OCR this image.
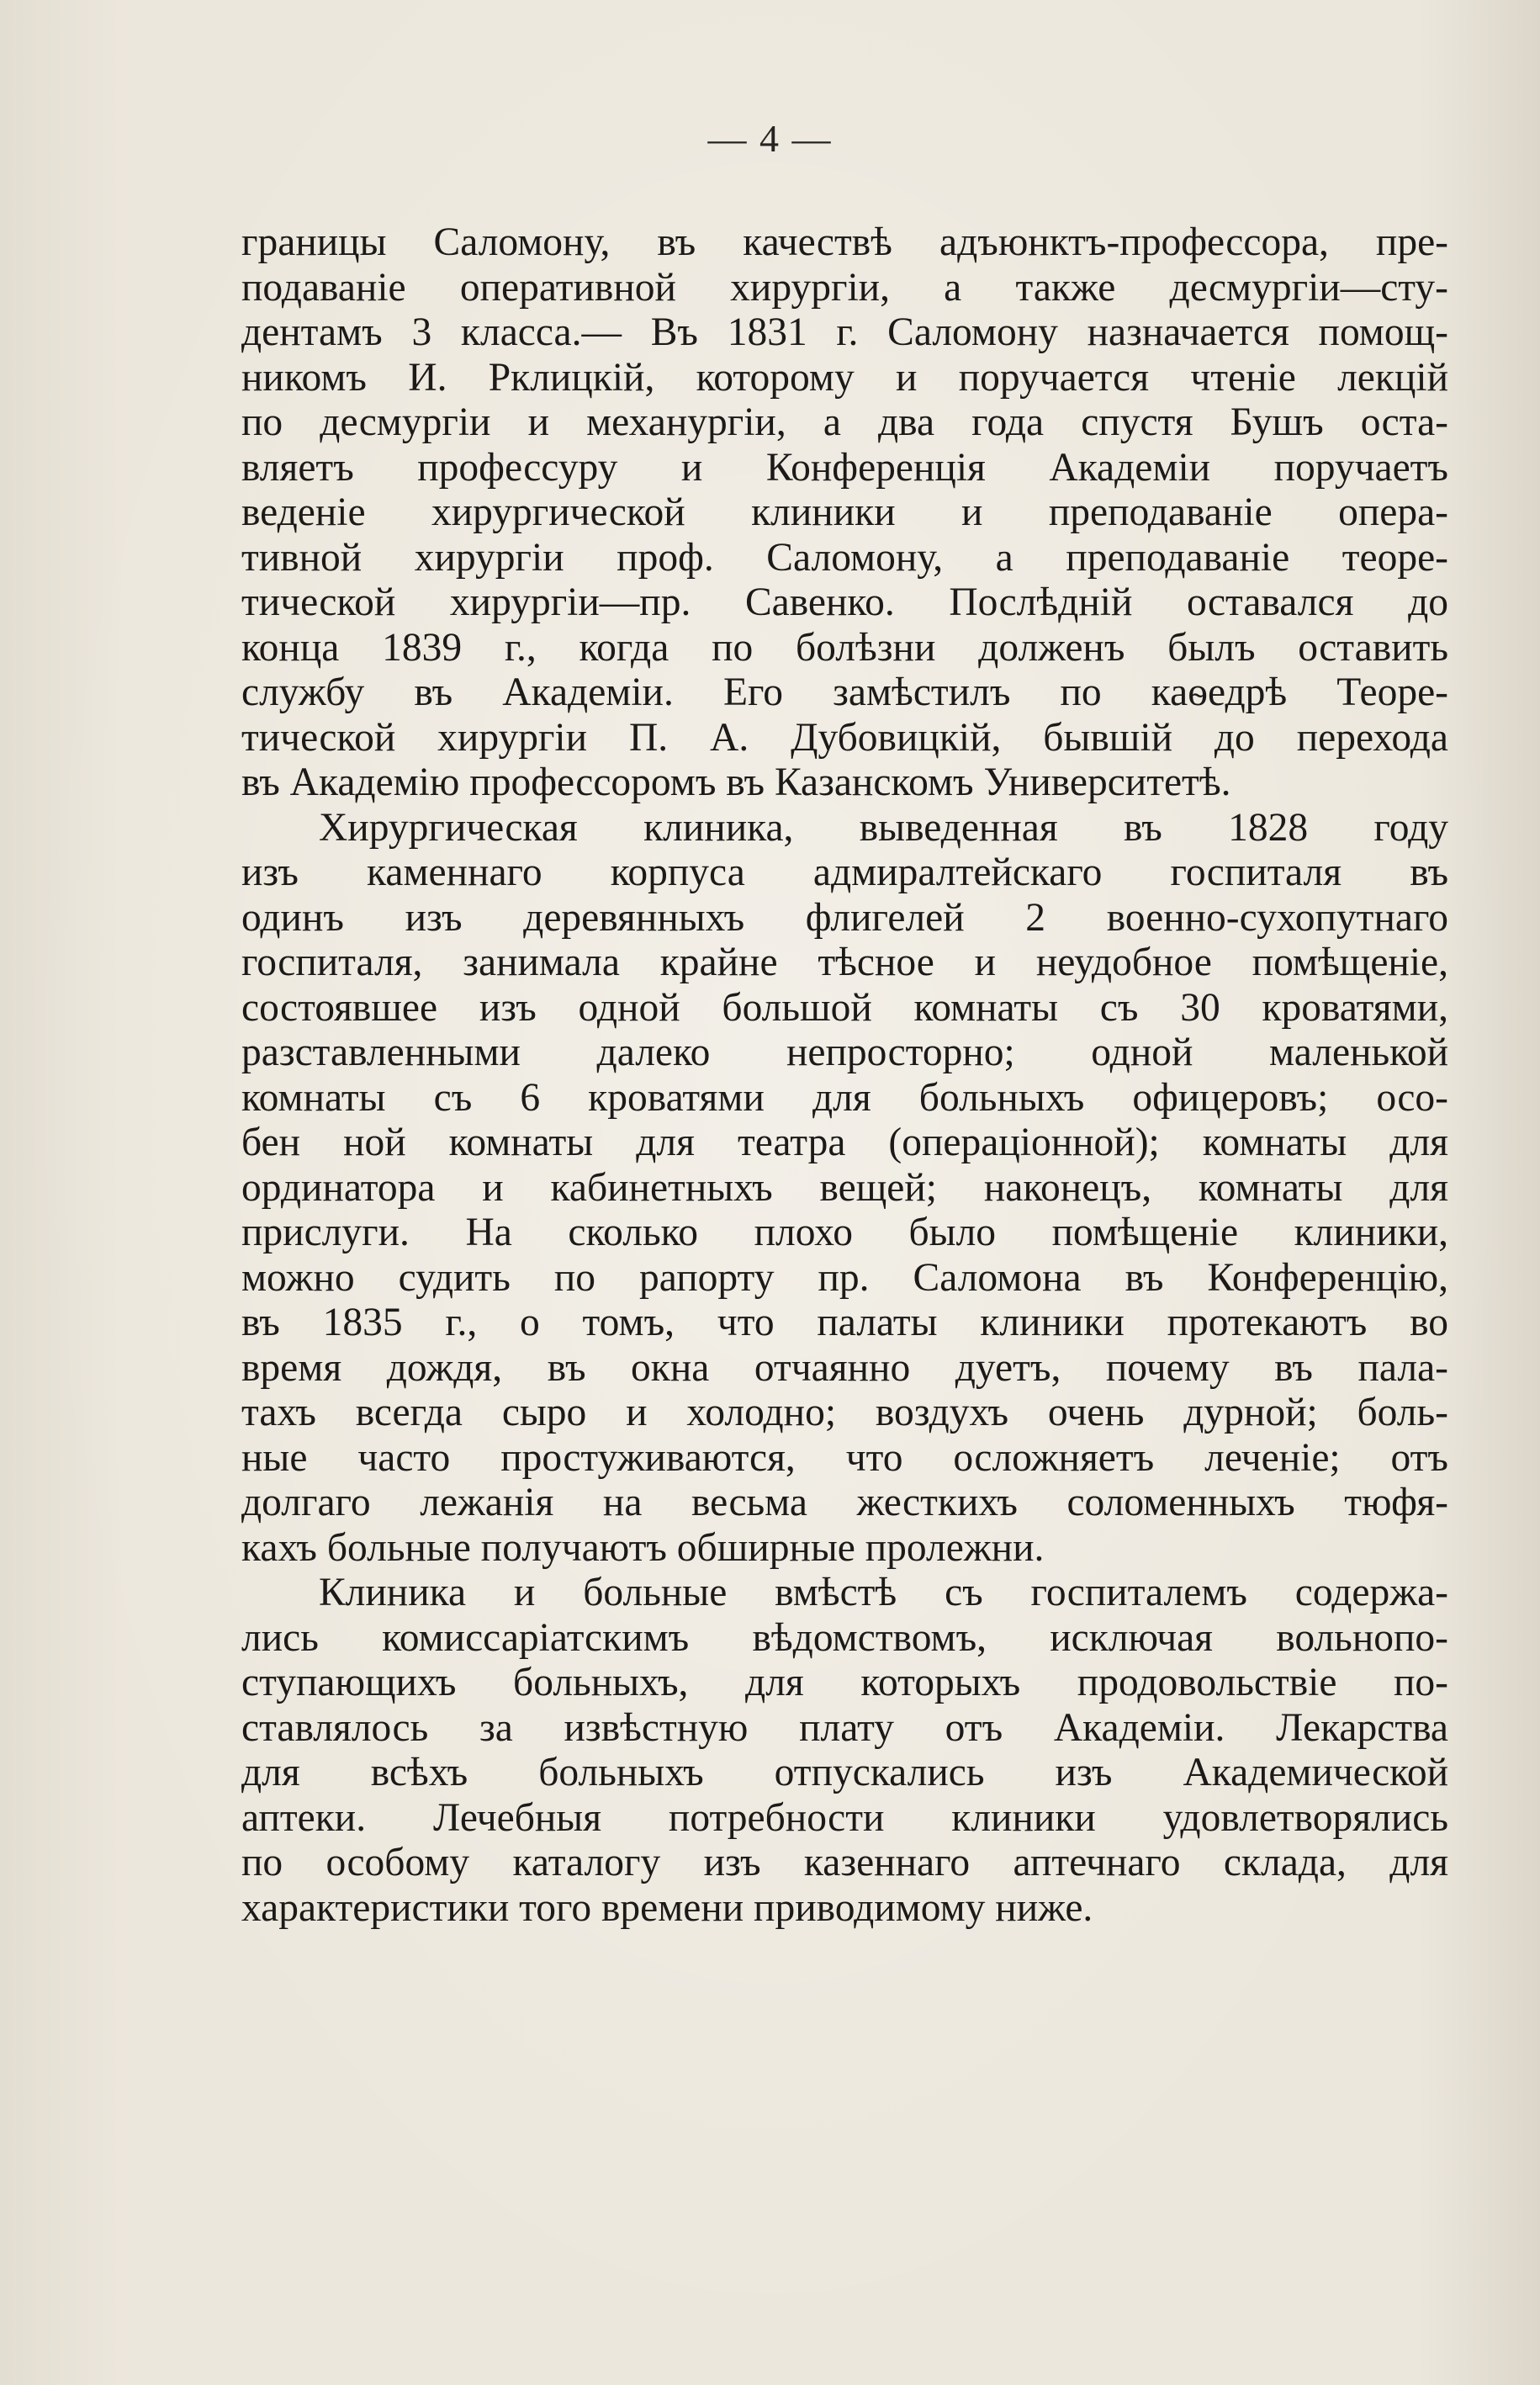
— 4 —
границы Саломону, въ качествѣ адъюнктъ-профессора, пре-
подаваніе оперативной хирургіи, а также десмургіи—сту-
дентамъ 3 класса.— Въ 1831 г. Саломону назначается помощ-
никомъ И. Рклицкій, которому и поручается чтеніе лекцій
по десмургіи и механургіи, а два года спустя Бушъ оста-
вляетъ профессуру и Конференція Академіи поручаетъ
веденіе хирургической клиники и преподаваніе опера-
тивной хирургіи проф. Саломону, а преподаваніе теоре-
тической хирургіи—пр. Савенко. Послѣдній оставался до
конца 1839 г., когда по болѣзни долженъ былъ оставить
службу въ Академіи. Его замѣстилъ по каѳедрѣ Теоре-
тической хирургіи П. А. Дубовицкій, бывшій до перехода
въ Академію профессоромъ въ Казанскомъ Университетѣ.
Хирургическая клиника, выведенная въ 1828 году
изъ каменнаго корпуса адмиралтейскаго госпиталя въ
одинъ изъ деревянныхъ флигелей 2 военно-сухопутнаго
госпиталя, занимала крайне тѣсное и неудобное помѣщеніе,
состоявшее изъ одной большой комнаты съ 30 кроватями,
разставленными далеко непросторно; одной маленькой
комнаты съ 6 кроватями для больныхъ офицеровъ; осо-
бен ной комнаты для театра (операціонной); комнаты для
ординатора и кабинетныхъ вещей; наконецъ, комнаты для
прислуги. На сколько плохо было помѣщеніе клиники,
можно судить по рапорту пр. Саломона въ Конференцію,
въ 1835 г., о томъ, что палаты клиники протекаютъ во
время дождя, въ окна отчаянно дуетъ, почему въ пала-
тахъ всегда сыро и холодно; воздухъ очень дурной; боль-
ные часто простуживаются, что осложняетъ леченіе; отъ
долгаго лежанія на весьма жесткихъ соломенныхъ тюфя-
кахъ больные получаютъ обширные пролежни.
Клиника и больные вмѣстѣ съ госпиталемъ содержа-
лись комиссаріатскимъ вѣдомствомъ, исключая вольнопо-
ступающихъ больныхъ, для которыхъ продовольствіе по-
ставлялось за извѣстную плату отъ Академіи. Лекарства
для всѣхъ больныхъ отпускались изъ Академической
аптеки. Лечебныя потребности клиники удовлетворялись
по особому каталогу изъ казеннаго аптечнаго склада, для
характеристики того времени приводимому ниже.
